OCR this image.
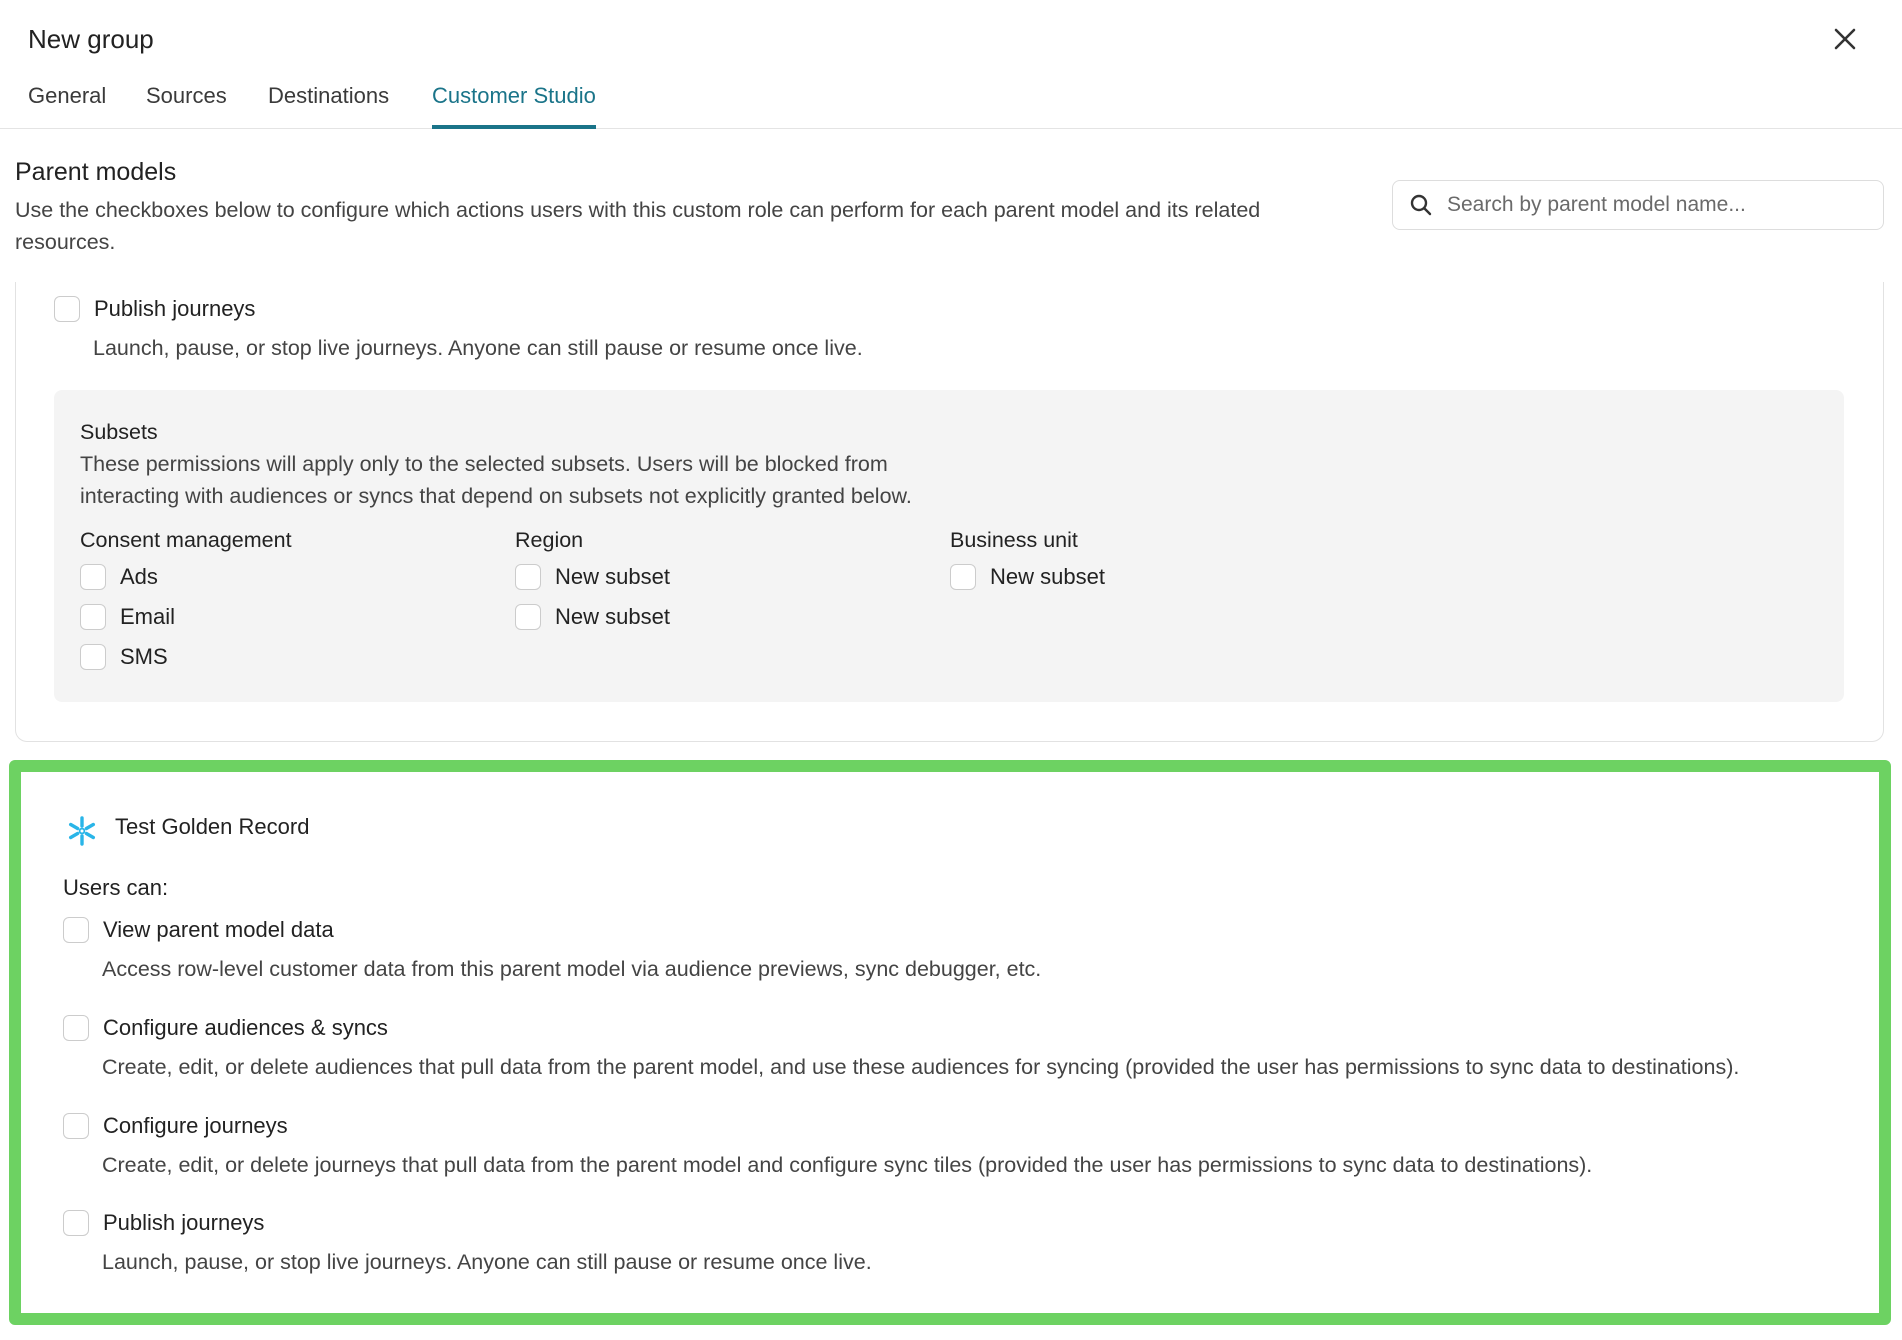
New group
General Sources Destinations Customer Studio
Parent models
Use the checkboxes below to configure which actions users with this custom role can perform for each parent model and its related resources.
Search by parent model name...
Publish journeys
Launch, pause, or stop live journeys. Anyone can still pause or resume once live.
Subsets
These permissions will apply only to the selected subsets. Users will be blocked from
interacting with audiences or syncs that depend on subsets not explicitly granted below.
Consent management
Ads
Email
SMS
Region
New subset
New subset
Business unit
New subset
Test Golden Record
Users can:
View parent model data
Access row-level customer data from this parent model via audience previews, sync debugger, etc.
Configure audiences & syncs
Create, edit, or delete audiences that pull data from the parent model, and use these audiences for syncing (provided the user has permissions to sync data to destinations).
Configure journeys
Create, edit, or delete journeys that pull data from the parent model and configure sync tiles (provided the user has permissions to sync data to destinations).
Publish journeys
Launch, pause, or stop live journeys. Anyone can still pause or resume once live.
